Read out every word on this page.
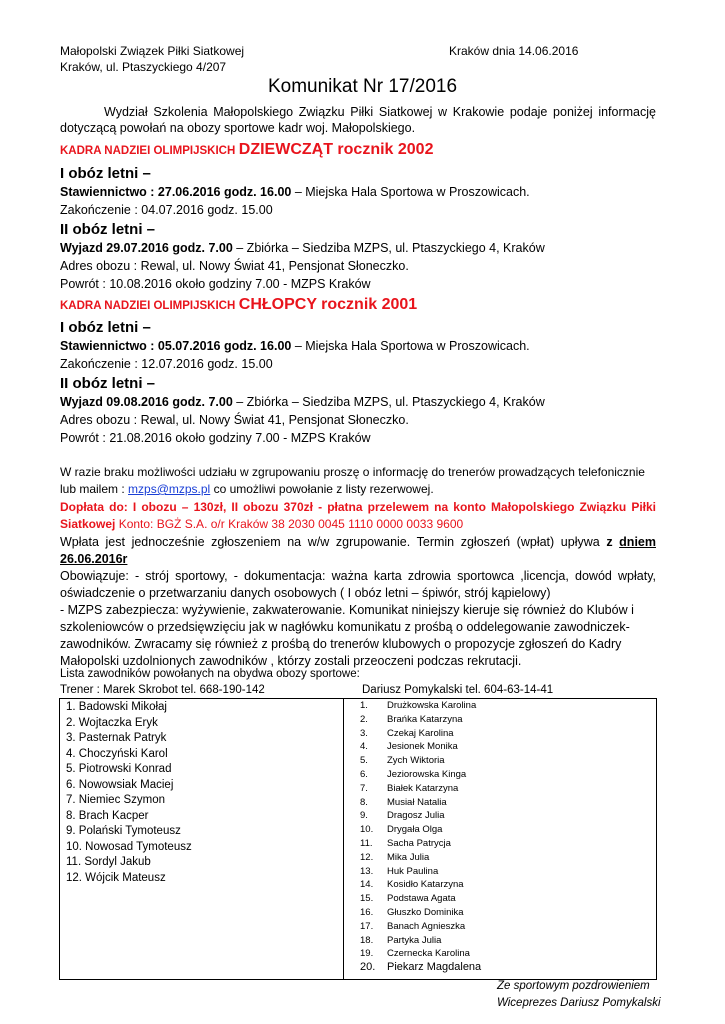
Małopolski Związek Piłki Siatkowej
Kraków, ul. Ptaszyckiego 4/207
Kraków dnia 14.06.2016
Komunikat Nr 17/2016
Wydział Szkolenia Małopolskiego Związku Piłki Siatkowej w Krakowie podaje poniżej informację dotyczącą powołań na obozy sportowe kadr woj. Małopolskiego.
KADRA NADZIEI OLIMPIJSKICH DZIEWCZĄT rocznik 2002
I obóz letni –
Stawiennictwo : 27.06.2016 godz. 16.00 – Miejska Hala Sportowa w Proszowicach.
Zakończenie : 04.07.2016 godz. 15.00
II obóz letni –
Wyjazd 29.07.2016 godz. 7.00 – Zbiórka – Siedziba MZPS, ul. Ptaszyckiego 4, Kraków
Adres obozu : Rewal, ul. Nowy Świat 41, Pensjonat Słoneczko.
Powrót : 10.08.2016 około godziny 7.00 - MZPS Kraków
KADRA NADZIEI OLIMPIJSKICH CHŁOPCY rocznik 2001
I obóz letni –
Stawiennictwo : 05.07.2016 godz. 16.00 – Miejska Hala Sportowa w Proszowicach.
Zakończenie : 12.07.2016 godz. 15.00
II obóz letni –
Wyjazd 09.08.2016 godz. 7.00 – Zbiórka – Siedziba MZPS, ul. Ptaszyckiego 4, Kraków
Adres obozu : Rewal, ul. Nowy Świat 41, Pensjonat Słoneczko.
Powrót : 21.08.2016 około godziny 7.00 - MZPS Kraków
W razie braku możliwości udziału w zgrupowaniu proszę o informację do trenerów prowadzących telefonicznie
lub mailem : mzps@mzps.pl co umożliwi powołanie z listy rezerwowej.
Dopłata do: I obozu – 130zł, II obozu 370zł - płatna przelewem na konto Małopolskiego Związku Piłki Siatkowej Konto: BGŻ S.A. o/r Kraków 38 2030 0045 1110 0000 0033 9600
Wpłata jest jednocześnie zgłoszeniem na w/w zgrupowanie. Termin zgłoszeń (wpłat) upływa z dniem 26.06.2016r
Obowiązuje: - strój sportowy, - dokumentacja: ważna karta zdrowia sportowca ,licencja, dowód wpłaty, oświadczenie o przetwarzaniu danych osobowych ( I obóz letni – śpiwór, strój kąpielowy)
- MZPS zabezpiecza: wyżywienie, zakwaterowanie. Komunikat niniejszy kieruje się również do Klubów i szkoleniowców o przedsięwzięciu jak w nagłówku komunikatu z prośbą o oddelegowanie zawodniczek-zawodników. Zwracamy się również z prośbą do trenerów klubowych o propozycje zgłoszeń do Kadry Małopolski uzdolnionych zawodników , którzy zostali przeoczeni podczas rekrutacji.
Lista zawodników powołanych na obydwa obozy sportowe:
Trener : Marek Skrobot tel. 668-190-142	Dariusz Pomykalski tel. 604-63-14-41
1. Badowski Mikołaj
2. Wojtaczka Eryk
3. Pasternak Patryk
4. Choczyński Karol
5. Piotrowski Konrad
6. Nowowsiak Maciej
7. Niemiec Szymon
8. Brach Kacper
9. Polański Tymoteusz
10. Nowosad Tymoteusz
11. Sordyl Jakub
12. Wójcik Mateusz
1.	Drużkowska Karolina
2.	Brańka Katarzyna
3.	Czekaj Karolina
4.	Jesionek Monika
5.	Zych Wiktoria
6.	Jeziorowska Kinga
7.	Białek Katarzyna
8.	Musiał Natalia
9.	Dragosz Julia
10.	Drygała Olga
11.	Sacha Patrycja
12.	Mika Julia
13.	Huk Paulina
14.	Kosidło Katarzyna
15.	Podstawa Agata
16.	Głuszko Dominika
17.	Banach Agnieszka
18.	Partyka Julia
19.	Czernecka Karolina
20.	Piekarz Magdalena
Ze sportowym pozdrowieniem
Wiceprezes Dariusz Pomykalski
